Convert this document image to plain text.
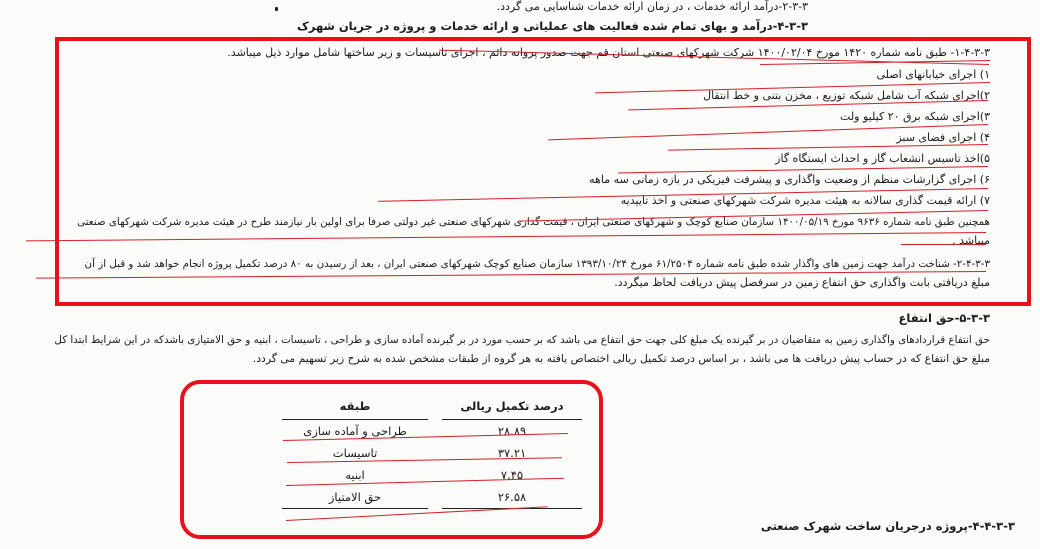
۲-۳-۳-درآمد ارائه خدمات ، در زمان ارائه خدمات شناسایی می گردد.
۴-۳-۳-درآمد و بهای تمام شده فعالیت های عملیاتی و ارائه خدمات و پروژه در جریان شهرک
۱-۴-۳-۳- طبق نامه شماره ۱۴۲۰ مورخ ۱۴۰۰/۰۲/۰۴ شرکت شهرکهای صنعتی استان قم جهت صدور پروانه دائم ، اجرای تاسیسات و زیر ساختها شامل موارد ذیل میباشد.
۱) اجرای خیابانهای اصلی
۲)اجرای شبکه آب شامل شبکه توزیع ، مخزن بتنی و خط انتقال
۳)اجرای شبکه برق ۲۰ کیلیو ولت
۴) اجرای فضای سبز
۵)اخذ تاسیس انشعاب گاز و احداث ایستگاه گاز
۶) اجرای گزارشات منظم از وضعیت واگذاری و پیشرفت فیزیکی در بازه زمانی سه ماهه
۷) ارائه قیمت گذاری سالانه به هیئت مدیره شرکت شهرکهای صنعتی و اخذ تاییدیه
همچنین طبق نامه شماره ۹۶۳۶ مورخ ۱۴۰۰/۰۵/۱۹ سازمان صنایع کوچک و شهرکهای صنعتی ایران ، قیمت گذاری شهرکهای صنعتی غیر دولتی صرفا برای اولین بار نیازمند طرح در هیئت مدیره شرکت شهرکهای صنعتی
میباشد .
۲-۴-۳-۳- شناخت درآمد جهت زمین های واگذار شده طبق نامه شماره ۶۱/۲۵۰۴ مورخ ۱۳۹۳/۱۰/۲۴ سازمان صنایع کوچک شهرکهای صنعتی ایران ، بعد از رسیدن به ۸۰ درصد تکمیل پروژه انجام خواهد شد و قبل از آن
مبلغ دریافتی بابت واگذاری حق انتفاع زمین در سرفصل پیش دریافت لحاظ میگردد.
۵-۳-۳-حق انتفاع
حق انتفاع قراردادهای واگذاری زمین به متقاضیان در بر گیرنده یک مبلغ کلی جهت حق انتفاع می باشد که بر حسب مورد در بر گیرنده آماده سازی و طراحی ، تاسیسات ، ابنیه و حق الامتیازی باشدکه در این شرایط ابتدا کل
مبلغ حق انتفاع که در حساب پیش دریافت ها می باشد ، بر اساس درصد تکمیل ریالی اختصاص یافته به هر گروه از طبقات مشخص شده به شرح زیر تسهیم می گردد.
درصد تکمیل ریالی		طبقه
۲۸.۸۹		طراحی و آماده سازی
۳۷.۲۱		تاسیسات
۷.۴۵		ابنیه
۲۶.۵۸		حق الامتیاز
۴-۴-۳-۳-پروژه درجریان ساخت شهرک صنعتی
